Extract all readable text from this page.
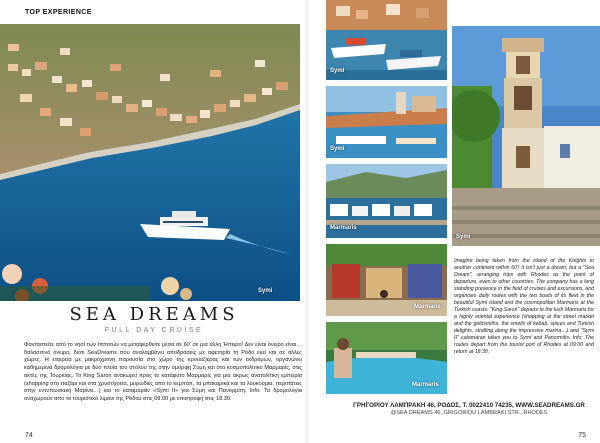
TOP EXPERIENCE
Symi
SEA DREAMS
FULL DAY CRUISE
Φανταστείτε από το νησί των Ιπποτών να μεταφερθείτε μέσα σε 60' σε μια άλλη Ήπειρο! Δεν είναι όνειρο είναι… θαλασσινό όνειρο, διότι SeaDreams που αναλαμβάνει αποδράσεις με αφετηρία τη Ρόδο εκεί και σε άλλες χώρες. Η εταιρεία με μακρόχρονη παρουσία στο χώρο της κρουαζιέρας και των εκδρομών, οργανώνει καθημερινά δρομολόγια με δύο πλοία του στόλου της στην όμορφη Σύμη και στο κοσμοπολίτικο Μαρμαρίς, στις ακτές της Τουρκίας. Το King Saron ανακωρεί προς το κατάφυτο Μαρμαρίς για μια άκρως ανατολίτικη εμπειρία (shopping στο παζάρι και στα χρυσοχοεία, μυρωδιές από το κεμπάπ, τα μπακαρικά και τα λουκούμια, περιπάτεις στην εντυπωσιακή Μαρίνα…) και το καταμαράν «Symi II» για Σύμη και Πανορμίτη. Ιnfo: Τα δρομολόγια αναχωρούν από το τουριστικό λιμάνι της Ρόδου στις 09.00 με επιστροφή στις 18.30.
74	75
Symi
Symi
Marmaris
Marmaris
Marmaris
Symi
Imagine being taken from the island of the Knights to another continent within 60'! It isn't just a dream, but a "Sea Dream", arranging trips with Rhodes as the point of departure, even to other countries. The company has a long standing presence in the field of cruises and excursions, and organises daily routes with the two boats of its fleet in the beautiful Symi island and the cosmopolitan Marmaris at the Turkish coasts. "King Saron" departs to the lush Marmaris for a highly oriental experience (shopping at the street market and the goldsmiths, the smells of kebab, spices and Turkish delights, strolling along the impressive marina…) and "Symi II" catamaran takes you to Symi and Panormitis. Info: The routes depart from the tourist port of Rhodes at 09:00 and return at 18:30.
ΓΡΗΓΟΡΙΟΥ ΛΑΜΠΡΑΚΗ 46, ΡΟΔΟΣ, T. 0022410 74235, WWW.SEADREAMS.GR
@SEA DREAMS 46, GRIGORIOU LAMBRAKI STR., RHODES
